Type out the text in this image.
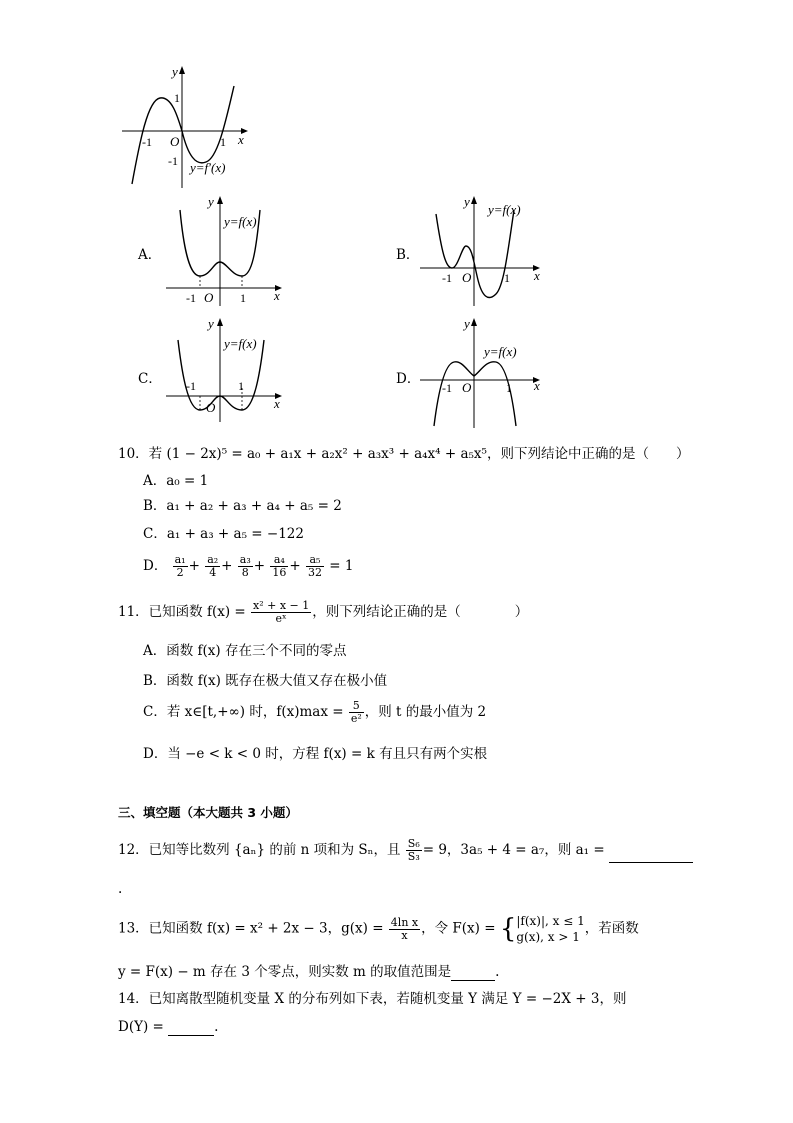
y
1
-1 O	1 x
-1 y=f′(x)
A．
y
y=f(x)
-1 O 1 x
B．
y
y=f(x)
-1 O	1 x
C．
y
y=f(x)
-1	1
O	x
D．
y
y=f(x)
-1 O	1 x
10．若 (1 − 2x)⁵ = a₀ + a₁x + a₂x² + a₃x³ + a₄x⁴ + a₅x⁵，则下列结论中正确的是（　　）
A．a₀ = 1
B．a₁ + a₂ + a₃ + a₄ + a₅ = 2
C．a₁ + a₃ + a₅ = −122
D． $\frac{\text{a₁}}{2} + \frac{\text{a₂}}{4} + \frac{\text{a₃}}{8} + \frac{\text{a₄}}{16} + \frac{\text{a₅}}{32} = 1$
11．已知函数 $f(x) = \frac{\text{x² + x − 1}}{\text{eˣ}}$ ，则下列结论正确的是（　　　　）
A．函数 f(x) 存在三个不同的零点
B．函数 f(x) 既存在极大值又存在极小值
C．若 x∈[t,+∞) 时，$f(x)\max = \frac{5}{\text{e²}}$ ，则 t 的最小值为 2
D．当 −e < k < 0 时，方程 f(x) = k 有且只有两个实根
三、填空题（本大题共 3 小题）
12．已知等比数列 {aₙ} 的前 n 项和为 Sₙ，且 $\frac{\text{S₆}}{\text{S₃}} = 9$，3a₅ + 4 = a₇，则 a₁ =
.
13．已知函数 f(x) = x² + 2x − 3，$g(x) = \frac{\text{4ln x}}{x}$ ，令 F(x) = { |f(x)|, x ≤ 1
g(x), x > 1
，若函数
y = F(x) − m 存在 3 个零点，则实数 m 的取值范围是	.
14．已知离散型随机变量 X 的分布列如下表，若随机变量 Y 满足 Y = −2X + 3，则
D(Y) =	.
